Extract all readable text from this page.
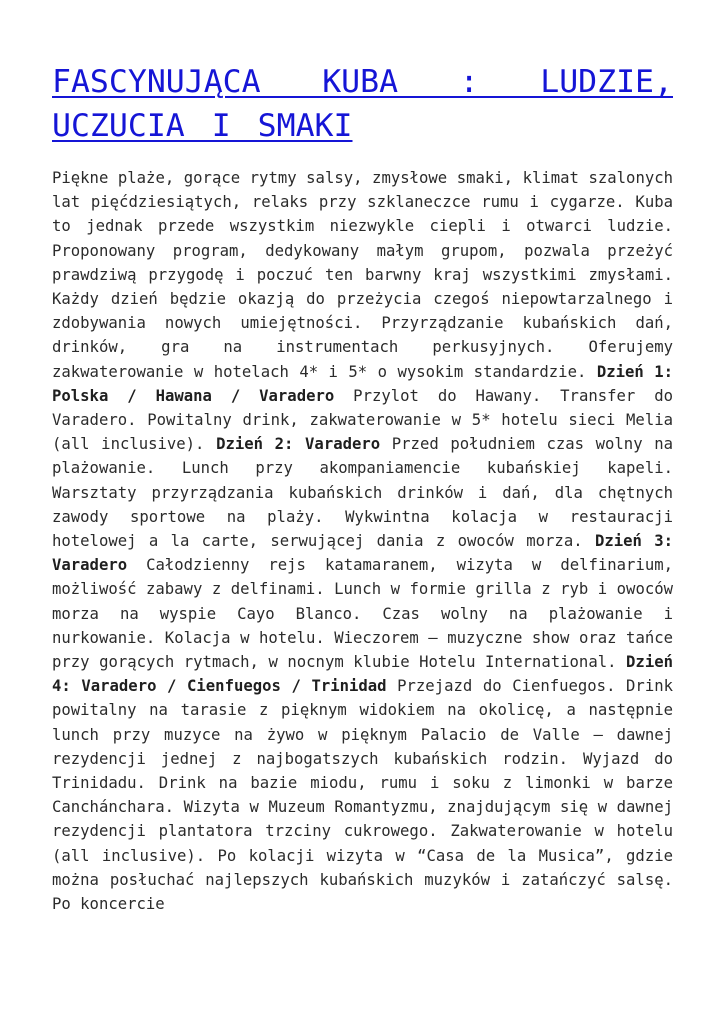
FASCYNUJĄCA KUBA : LUDZIE, UCZUCIA I SMAKI

Piękne plaże, gorące rytmy salsy, zmysłowe smaki, klimat szalonych lat pięćdziesiątych, relaks przy szklaneczce rumu i cygarze. Kuba to jednak przede wszystkim niezwykle ciepli i otwarci ludzie. Proponowany program, dedykowany małym grupom, pozwala przeżyć prawdziwą przygodę i poczuć ten barwny kraj wszystkimi zmysłami. Każdy dzień będzie okazją do przeżycia czegoś niepowtarzalnego i zdobywania nowych umiejętności. Przyrządzanie kubańskich dań, drinków, gra na instrumentach perkusyjnych. Oferujemy zakwaterowanie w hotelach 4* i 5* o wysokim standardzie. Dzień 1: Polska / Hawana / Varadero Przylot do Hawany. Transfer do Varadero. Powitalny drink, zakwaterowanie w 5* hotelu sieci Melia (all inclusive). Dzień 2: Varadero Przed południem czas wolny na plażowanie. Lunch przy akompaniamencie kubańskiej kapeli. Warsztaty przyrządzania kubańskich drinków i dań, dla chętnych zawody sportowe na plaży. Wykwintna kolacja w restauracji hotelowej a la carte, serwującej dania z owoców morza. Dzień 3: Varadero Całodzienny rejs katamaranem, wizyta w delfinarium, możliwość zabawy z delfinami. Lunch w formie grilla z ryb i owoców morza na wyspie Cayo Blanco. Czas wolny na plażowanie i nurkowanie. Kolacja w hotelu. Wieczorem – muzyczne show oraz tańce przy gorących rytmach, w nocnym klubie Hotelu International. Dzień 4: Varadero / Cienfuegos / Trinidad Przejazd do Cienfuegos. Drink powitalny na tarasie z pięknym widokiem na okolicę, a następnie lunch przy muzyce na żywo w pięknym Palacio de Valle – dawnej rezydencji jednej z najbogatszych kubańskich rodzin. Wyjazd do Trinidadu. Drink na bazie miodu, rumu i soku z limonki w barze Canchánchara. Wizyta w Muzeum Romantyzmu, znajdującym się w dawnej rezydencji plantatora trzciny cukrowego. Zakwaterowanie w hotelu (all inclusive). Po kolacji wizyta w “Casa de la Musica”, gdzie można posłuchać najlepszych kubańskich muzyków i zatańczyć salsę. Po koncercie
